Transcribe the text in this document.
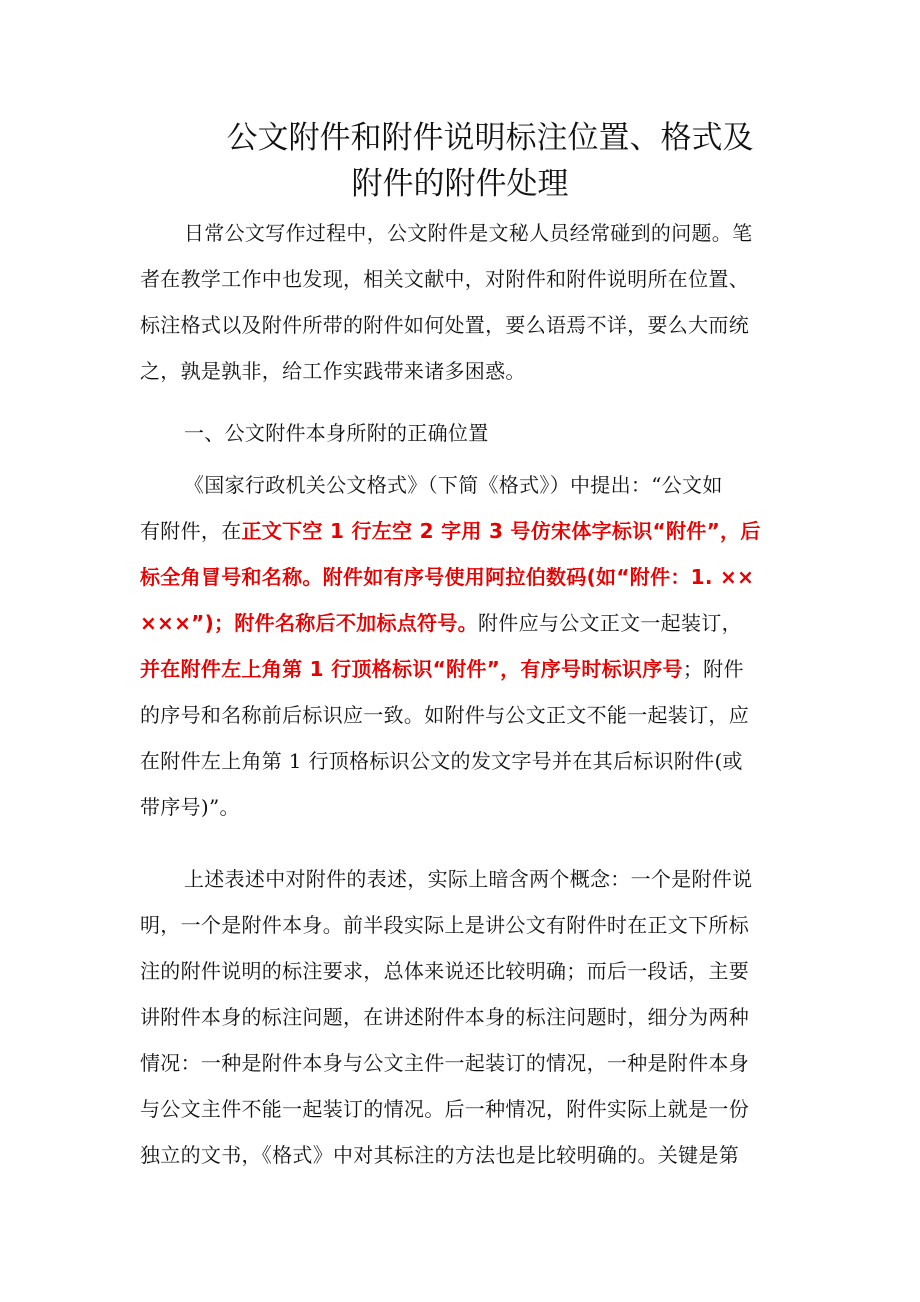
公文附件和附件说明标注位置、格式及
附件的附件处理
日常公文写作过程中，公文附件是文秘人员经常碰到的问题。笔
者在教学工作中也发现，相关文献中，对附件和附件说明所在位置、
标注格式以及附件所带的附件如何处置，要么语焉不详，要么大而统
之，孰是孰非，给工作实践带来诸多困惑。
一、公文附件本身所附的正确位置
《国家行政机关公文格式》（下简《格式》）中提出：“公文如
有附件，在正文下空 1 行左空 2 字用 3 号仿宋体字标识“附件”，后
标全角冒号和名称。附件如有序号使用阿拉伯数码(如“附件：1. ××
×××”)；附件名称后不加标点符号。附件应与公文正文一起装订，
并在附件左上角第 1 行顶格标识“附件”，有序号时标识序号；附件
的序号和名称前后标识应一致。如附件与公文正文不能一起装订，应
在附件左上角第 1 行顶格标识公文的发文字号并在其后标识附件(或
带序号)”。
上述表述中对附件的表述，实际上暗含两个概念：一个是附件说
明，一个是附件本身。前半段实际上是讲公文有附件时在正文下所标
注的附件说明的标注要求，总体来说还比较明确；而后一段话，主要
讲附件本身的标注问题，在讲述附件本身的标注问题时，细分为两种
情况：一种是附件本身与公文主件一起装订的情况，一种是附件本身
与公文主件不能一起装订的情况。后一种情况，附件实际上就是一份
独立的文书，《格式》中对其标注的方法也是比较明确的。关键是第
